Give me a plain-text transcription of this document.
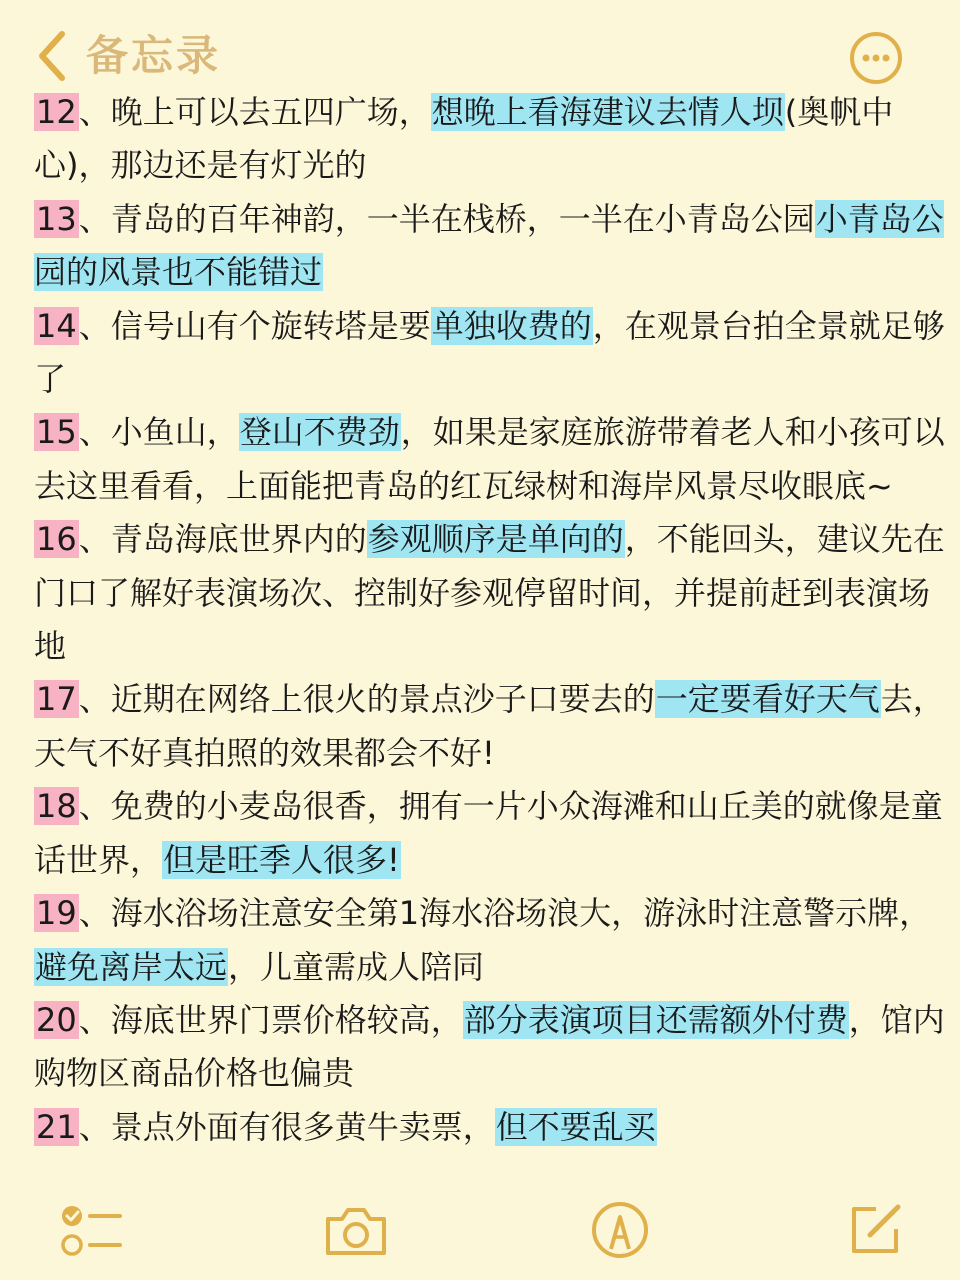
备忘录

12、晚上可以去五四广场，想晚上看海建议去情人坝(奥帆中心)，那边还是有灯光的

13、青岛的百年神韵，一半在栈桥，一半在小青岛公园小青岛公园的风景也不能错过

14、信号山有个旋转塔是要单独收费的，在观景台拍全景就足够了

15、小鱼山，登山不费劲，如果是家庭旅游带着老人和小孩可以去这里看看，上面能把青岛的红瓦绿树和海岸风景尽收眼底~

16、青岛海底世界内的参观顺序是单向的，不能回头，建议先在门口了解好表演场次、控制好参观停留时间，并提前赶到表演场地

17、近期在网络上很火的景点沙子口要去的一定要看好天气去，天气不好真拍照的效果都会不好!

18、免费的小麦岛很香，拥有一片小众海滩和山丘美的就像是童话世界，但是旺季人很多!

19、海水浴场注意安全第1海水浴场浪大，游泳时注意警示牌，避免离岸太远，儿童需成人陪同

20、海底世界门票价格较高，部分表演项目还需额外付费，馆内购物区商品价格也偏贵

21、景点外面有很多黄牛卖票，但不要乱买
